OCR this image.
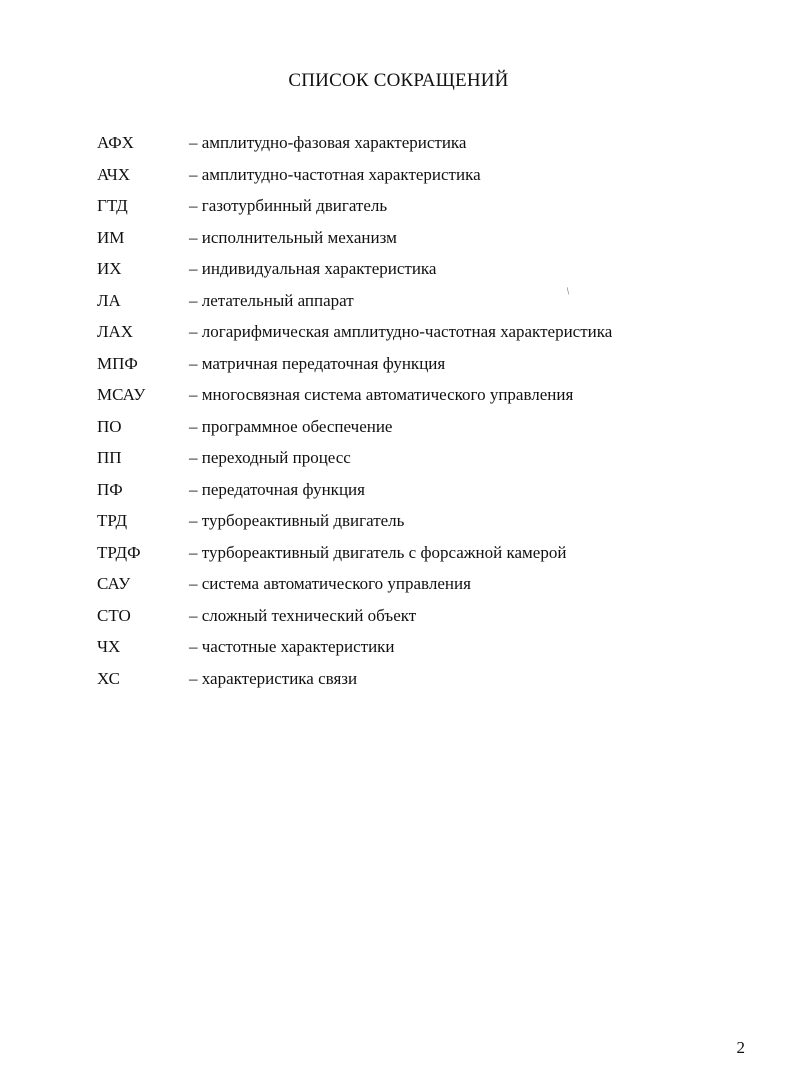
СПИСОК СОКРАЩЕНИЙ
АФХ	– амплитудно-фазовая характеристика
АЧХ	– амплитудно-частотная характеристика
ГТД	– газотурбинный двигатель
ИМ	– исполнительный механизм
ИХ	– индивидуальная характеристика
ЛА	– летательный аппарат
ЛАХ	– логарифмическая амплитудно-частотная характеристика
МПФ	– матричная передаточная функция
МСАУ	– многосвязная система автоматического управления
ПО	– программное обеспечение
ПП	– переходный процесс
ПФ	– передаточная функция
ТРД	– турбореактивный двигатель
ТРДФ	– турбореактивный двигатель с форсажной камерой
САУ	– система автоматического управления
СТО	– сложный технический объект
ЧХ	– частотные характеристики
ХС	– характеристика связи
/
2
